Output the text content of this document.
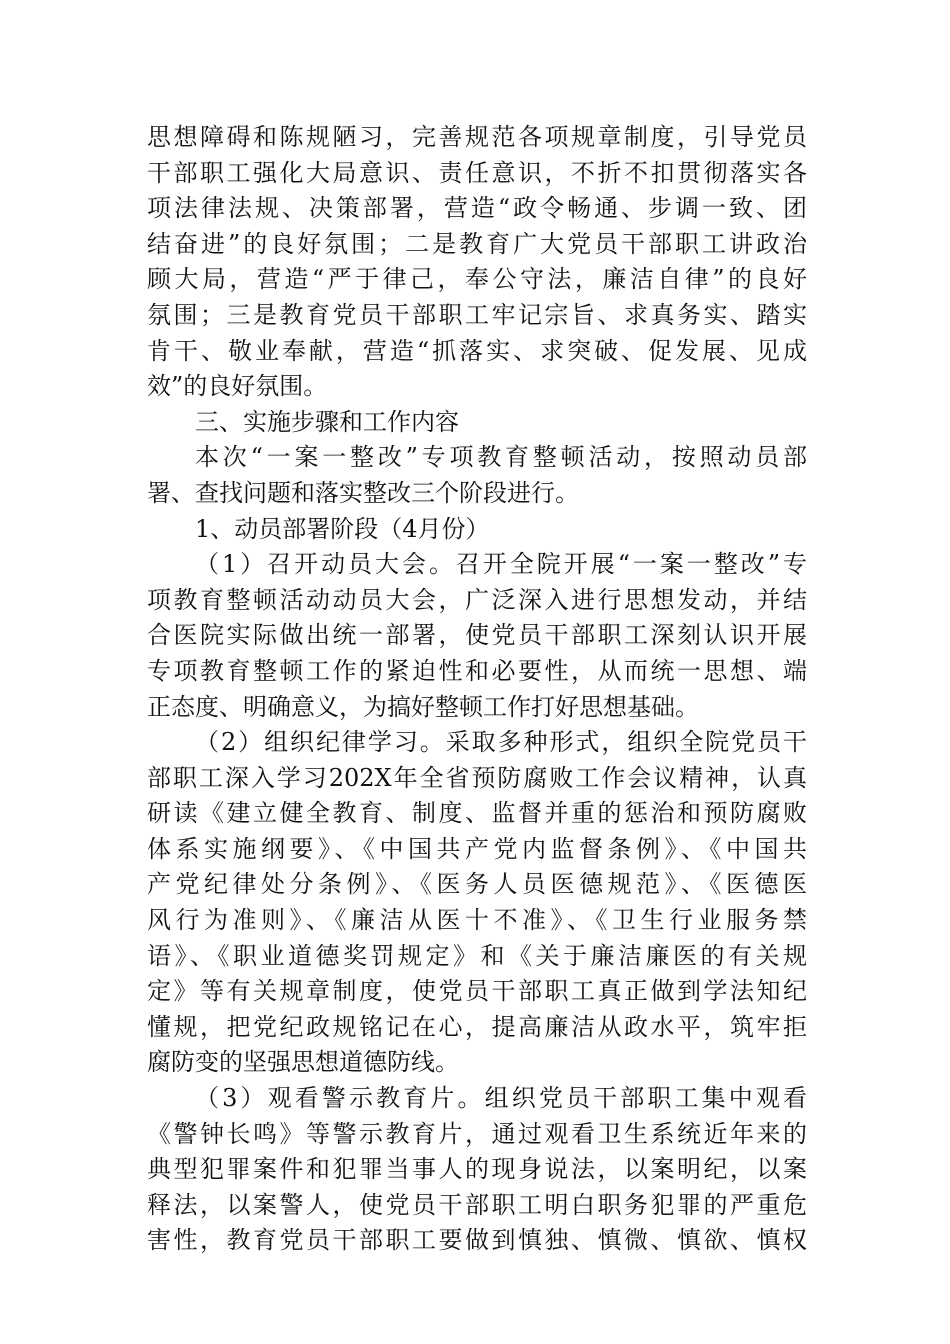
思想障碍和陈规陋习，完善规范各项规章制度，引导党员
干部职工强化大局意识、责任意识，不折不扣贯彻落实各
项法律法规、决策部署，营造“政令畅通、步调一致、团
结奋进”的良好氛围；二是教育广大党员干部职工讲政治
顾大局，营造“严于律己，奉公守法，廉洁自律”的良好
氛围；三是教育党员干部职工牢记宗旨、求真务实、踏实
肯干、敬业奉献，营造“抓落实、求突破、促发展、见成
效”的良好氛围。
三、实施步骤和工作内容
本次“一案一整改”专项教育整顿活动，按照动员部
署、查找问题和落实整改三个阶段进行。
1、动员部署阶段（4月份）
（1）召开动员大会。召开全院开展“一案一整改”专
项教育整顿活动动员大会，广泛深入进行思想发动，并结
合医院实际做出统一部署，使党员干部职工深刻认识开展
专项教育整顿工作的紧迫性和必要性，从而统一思想、端
正态度、明确意义，为搞好整顿工作打好思想基础。
（2）组织纪律学习。采取多种形式，组织全院党员干
部职工深入学习202X年全省预防腐败工作会议精神，认真
研读《建立健全教育、制度、监督并重的惩治和预防腐败
体系实施纲要》、《中国共产党内监督条例》、《中国共
产党纪律处分条例》、《医务人员医德规范》、《医德医
风行为准则》、《廉洁从医十不准》、《卫生行业服务禁
语》、《职业道德奖罚规定》和《关于廉洁廉医的有关规
定》等有关规章制度，使党员干部职工真正做到学法知纪
懂规，把党纪政规铭记在心，提高廉洁从政水平，筑牢拒
腐防变的坚强思想道德防线。
（3）观看警示教育片。组织党员干部职工集中观看
《警钟长鸣》等警示教育片，通过观看卫生系统近年来的
典型犯罪案件和犯罪当事人的现身说法，以案明纪，以案
释法，以案警人，使党员干部职工明白职务犯罪的严重危
害性，教育党员干部职工要做到慎独、慎微、慎欲、慎权
